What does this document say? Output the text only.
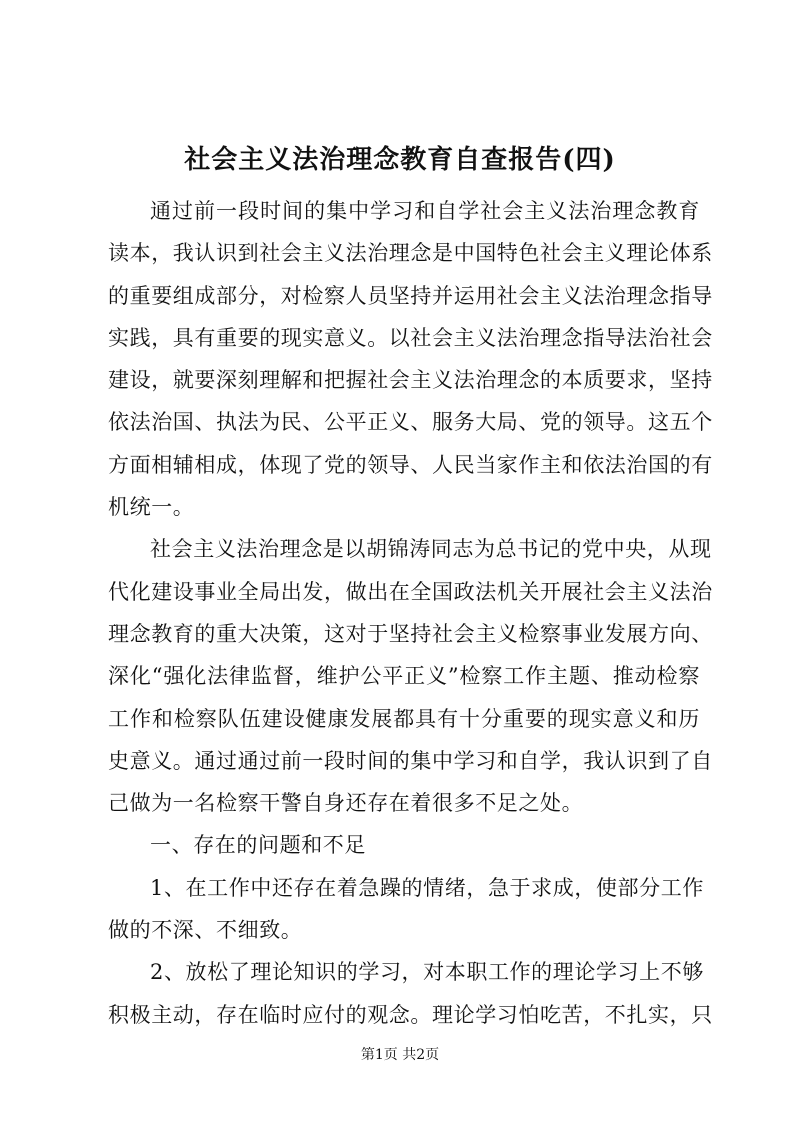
社会主义法治理念教育自查报告(四)
通过前一段时间的集中学习和自学社会主义法治理念教育
读本，我认识到社会主义法治理念是中国特色社会主义理论体系
的重要组成部分，对检察人员坚持并运用社会主义法治理念指导
实践，具有重要的现实意义。以社会主义法治理念指导法治社会
建设，就要深刻理解和把握社会主义法治理念的本质要求，坚持
依法治国、执法为民、公平正义、服务大局、党的领导。这五个
方面相辅相成，体现了党的领导、人民当家作主和依法治国的有
机统一。
社会主义法治理念是以胡锦涛同志为总书记的党中央，从现
代化建设事业全局出发，做出在全国政法机关开展社会主义法治
理念教育的重大决策，这对于坚持社会主义检察事业发展方向、
深化“强化法律监督，维护公平正义”检察工作主题、推动检察
工作和检察队伍建设健康发展都具有十分重要的现实意义和历
史意义。通过通过前一段时间的集中学习和自学，我认识到了自
己做为一名检察干警自身还存在着很多不足之处。
一、存在的问题和不足
1、在工作中还存在着急躁的情绪，急于求成，使部分工作
做的不深、不细致。
2、放松了理论知识的学习，对本职工作的理论学习上不够
积极主动，存在临时应付的观念。理论学习怕吃苦，不扎实，只
第1页 共2页
